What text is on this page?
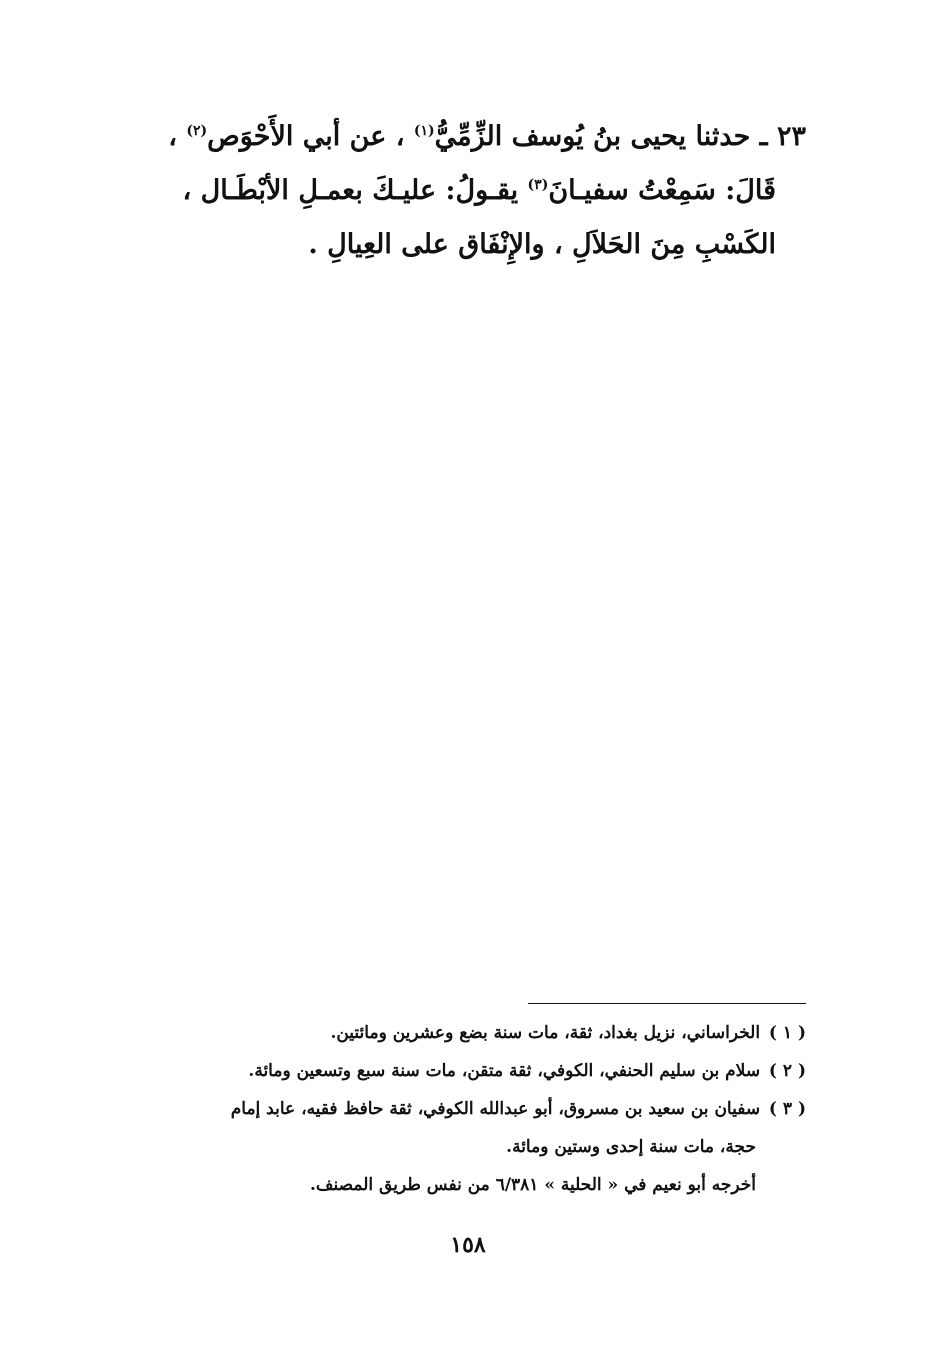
٢٣ ـ حدثنا يحيى بنُ يُوسف الزِّمِّيُّ$^{(١)}$ ، عن أبي الأَحْوَص$^{(٢)}$ ،
قَالَ: سَمِعْتُ سفيـانَ$^{(٣)}$ يقـولُ: عليـكَ بعمـلِ الأبْطَـال ،
الكَسْبِ مِنَ الحَلاَلِ ، والإِنْفَاق على العِيالِ .
( ١ ) الخراساني، نزيل بغداد، ثقة، مات سنة بضع وعشرين ومائتين.
( ٢ ) سلام بن سليم الحنفي، الكوفي، ثقة متقن، مات سنة سبع وتسعين ومائة.
( ٣ ) سفيان بن سعيد بن مسروق، أبو عبدالله الكوفي، ثقة حافظ فقيه، عابد إمام
حجة، مات سنة إحدى وستين ومائة.
أخرجه أبو نعيم في « الحلية » ٦/٣٨١ من نفس طريق المصنف.
١٥٨
